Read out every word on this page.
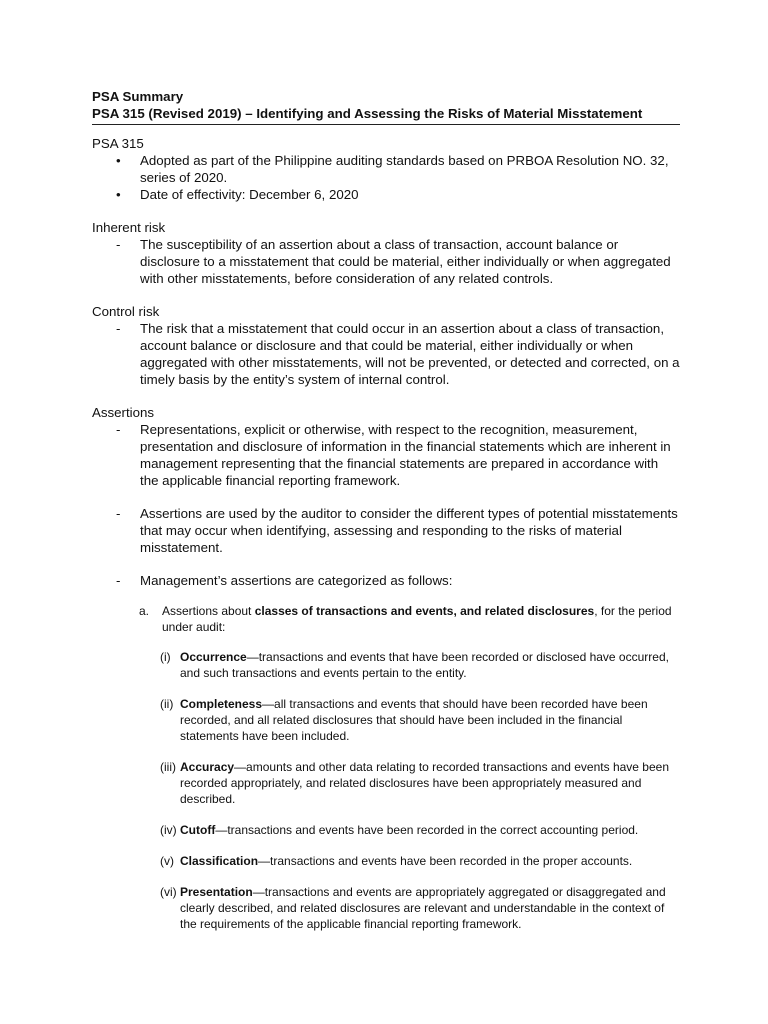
PSA Summary
PSA 315 (Revised 2019) – Identifying and Assessing the Risks of Material Misstatement
PSA 315
• Adopted as part of the Philippine auditing standards based on PRBOA Resolution NO. 32, series of 2020.
• Date of effectivity: December 6, 2020
Inherent risk
- The susceptibility of an assertion about a class of transaction, account balance or disclosure to a misstatement that could be material, either individually or when aggregated with other misstatements, before consideration of any related controls.
Control risk
- The risk that a misstatement that could occur in an assertion about a class of transaction, account balance or disclosure and that could be material, either individually or when aggregated with other misstatements, will not be prevented, or detected and corrected, on a timely basis by the entity’s system of internal control.
Assertions
- Representations, explicit or otherwise, with respect to the recognition, measurement, presentation and disclosure of information in the financial statements which are inherent in management representing that the financial statements are prepared in accordance with the applicable financial reporting framework.
- Assertions are used by the auditor to consider the different types of potential misstatements that may occur when identifying, assessing and responding to the risks of material misstatement.
- Management’s assertions are categorized as follows:
a. Assertions about classes of transactions and events, and related disclosures, for the period under audit:
(i) Occurrence—transactions and events that have been recorded or disclosed have occurred, and such transactions and events pertain to the entity.
(ii) Completeness—all transactions and events that should have been recorded have been recorded, and all related disclosures that should have been included in the financial statements have been included.
(iii) Accuracy—amounts and other data relating to recorded transactions and events have been recorded appropriately, and related disclosures have been appropriately measured and described.
(iv) Cutoff—transactions and events have been recorded in the correct accounting period.
(v) Classification—transactions and events have been recorded in the proper accounts.
(vi) Presentation—transactions and events are appropriately aggregated or disaggregated and clearly described, and related disclosures are relevant and understandable in the context of the requirements of the applicable financial reporting framework.
